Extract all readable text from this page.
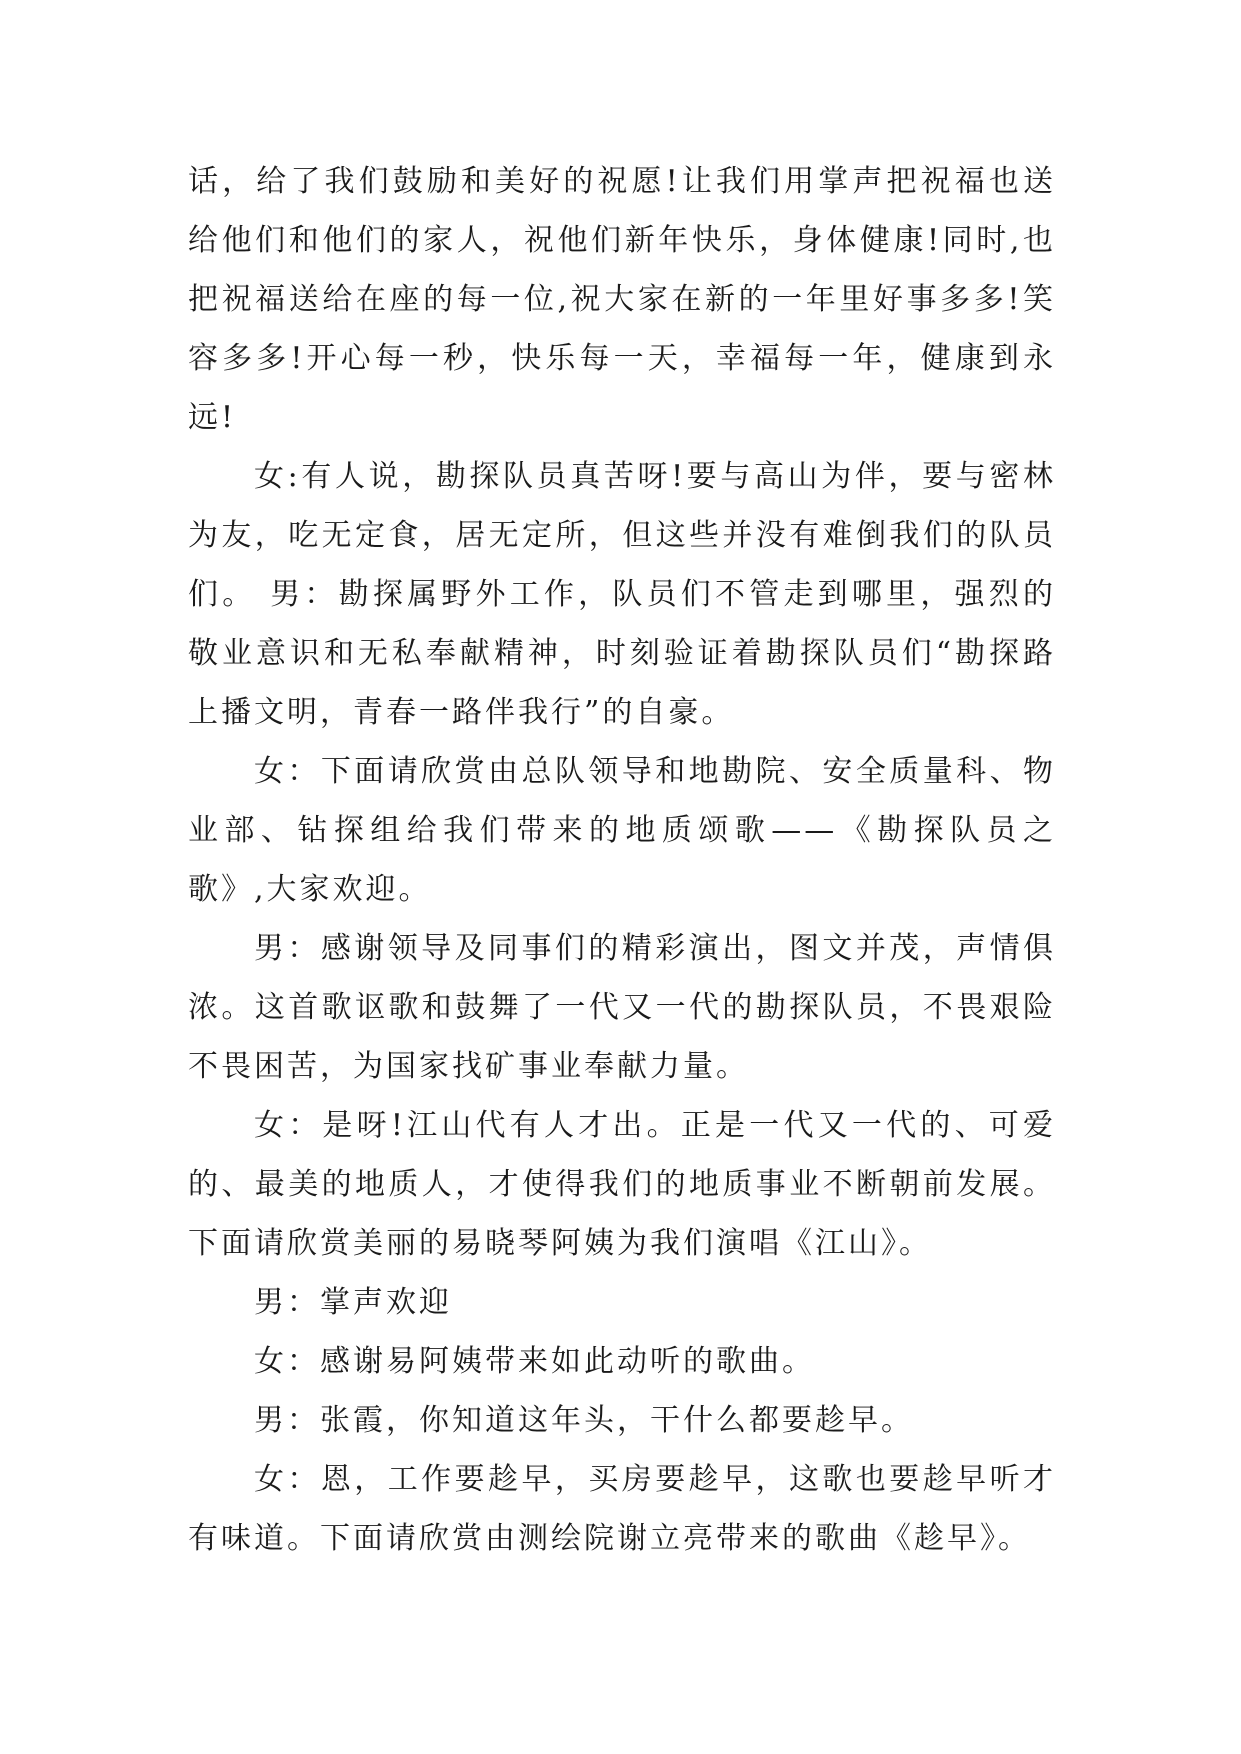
话，给了我们鼓励和美好的祝愿!让我们用掌声把祝福也送给他们和他们的家人，祝他们新年快乐，身体健康!同时,也把祝福送给在座的每一位,祝大家在新的一年里好事多多!笑容多多!开心每一秒，快乐每一天，幸福每一年，健康到永远!

女:有人说，勘探队员真苦呀!要与高山为伴，要与密林为友，吃无定食，居无定所，但这些并没有难倒我们的队员们。 男：勘探属野外工作，队员们不管走到哪里，强烈的敬业意识和无私奉献精神，时刻验证着勘探队员们“勘探路上播文明，青春一路伴我行”的自豪。

女：下面请欣赏由总队领导和地勘院、安全质量科、物业部、钻探组给我们带来的地质颂歌——《勘探队员之歌》,大家欢迎。

男：感谢领导及同事们的精彩演出，图文并茂，声情俱浓。这首歌讴歌和鼓舞了一代又一代的勘探队员，不畏艰险不畏困苦，为国家找矿事业奉献力量。

女：是呀!江山代有人才出。正是一代又一代的、可爱的、最美的地质人，才使得我们的地质事业不断朝前发展。下面请欣赏美丽的易晓琴阿姨为我们演唱《江山》。

男：掌声欢迎

女：感谢易阿姨带来如此动听的歌曲。

男：张霞，你知道这年头，干什么都要趁早。

女：恩，工作要趁早，买房要趁早，这歌也要趁早听才有味道。下面请欣赏由测绘院谢立亮带来的歌曲《趁早》。
